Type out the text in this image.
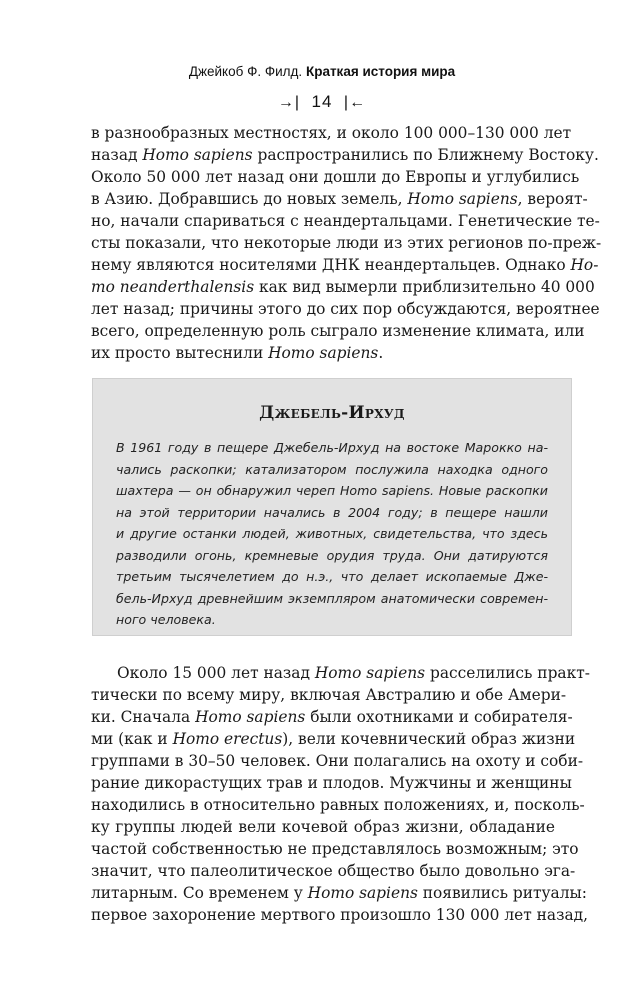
Джейкоб Ф. Филд. Краткая история мира
→| 14 |←
в разнообразных местностях, и около 100 000–130 000 лет
назад Homo sapiens распространились по Ближнему Востоку.
Около 50 000 лет назад они дошли до Европы и углубились
в Азию. Добравшись до новых земель, Homo sapiens, вероят-
но, начали спариваться с неандертальцами. Генетические те-
сты показали, что некоторые люди из этих регионов по-преж-
нему являются носителями ДНК неандертальцев. Однако Ho-
mo neanderthalensis как вид вымерли приблизительно 40 000
лет назад; причины этого до сих пор обсуждаются, вероятнее
всего, определенную роль сыграло изменение климата, или
их просто вытеснили Homo sapiens.
Джебель-Ирхуд
В 1961 году в пещере Джебель-Ирхуд на востоке Марокко на-
чались раскопки; катализатором послужила находка одного
шахтера — он обнаружил череп Homo sapiens. Новые раскопки
на этой территории начались в 2004 году; в пещере нашли
и другие останки людей, животных, свидетельства, что здесь
разводили огонь, кремневые орудия труда. Они датируются
третьим тысячелетием до н.э., что делает ископаемые Дже-
бель-Ирхуд древнейшим экземпляром анатомически современ-
ного человека.
Около 15 000 лет назад Homo sapiens расселились практ-
тически по всему миру, включая Австралию и обе Амери-
ки. Сначала Homo sapiens были охотниками и собирателя-
ми (как и Homo erectus), вели кочевнический образ жизни
группами в 30–50 человек. Они полагались на охоту и соби-
рание дикорастущих трав и плодов. Мужчины и женщины
находились в относительно равных положениях, и, посколь-
ку группы людей вели кочевой образ жизни, обладание
частой собственностью не представлялось возможным; это
значит, что палеолитическое общество было довольно эга-
литарным. Со временем у Homo sapiens появились ритуалы:
первое захоронение мертвого произошло 130 000 лет назад,
